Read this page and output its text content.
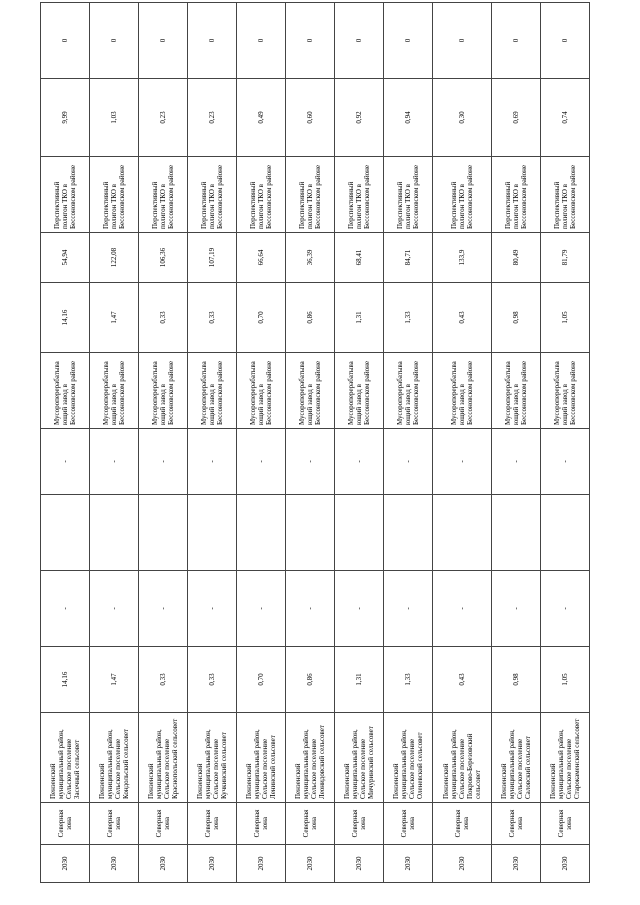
2030	Северная зона	Пензенский муниципальный район, Сельское поселение Засечный сельсовет	14,16	-		-	Мусороперерабатывающий завод в Бессоновском районе	14,16	54,94	Перспективный полигон ТКО в Бессоновском районе	9,99	0
2030	Северная зона	Пензенский муниципальный район, Сельское поселение Кондольский сельсовет	1,47	-		-	Мусороперерабатывающий завод в Бессоновском районе	1,47	122,08	Перспективный полигон ТКО в Бессоновском районе	1,03	0
2030	Северная зона	Пензенский муниципальный район, Сельское поселение Краснопольский сельсовет	0,33	-		-	Мусороперерабатывающий завод в Бессоновском районе	0,33	106,36	Перспективный полигон ТКО в Бессоновском районе	0,23	0
2030	Северная зона	Пензенский муниципальный район, Сельское поселение Кучкинский сельсовет	0,33	-		-	Мусороперерабатывающий завод в Бессоновском районе	0,33	107,19	Перспективный полигон ТКО в Бессоновском районе	0,23	0
2030	Северная зона	Пензенский муниципальный район, Сельское поселение Ленинский сельсовет	0,70	-		-	Мусороперерабатывающий завод в Бессоновском районе	0,70	66,64	Перспективный полигон ТКО в Бессоновском районе	0,49	0
2030	Северная зона	Пензенский муниципальный район, Сельское поселение Леонидовский сельсовет	0,86	-		-	Мусороперерабатывающий завод в Бессоновском районе	0,86	36,39	Перспективный полигон ТКО в Бессоновском районе	0,60	0
2030	Северная зона	Пензенский муниципальный район, Сельское поселение Мичуринский сельсовет	1,31	-		-	Мусороперерабатывающий завод в Бессоновском районе	1,31	68,41	Перспективный полигон ТКО в Бессоновском районе	0,92	0
2030	Северная зона	Пензенский муниципальный район, Сельское поселение Оленевский сельсовет	1,33	-		-	Мусороперерабатывающий завод в Бессоновском районе	1,33	84,71	Перспективный полигон ТКО в Бессоновском районе	0,94	0
2030	Северная зона	Пензенский муниципальный район, Сельское поселение Покрово-Березовский сельсовет	0,43	-		-	Мусороперерабатывающий завод в Бессоновском районе	0,43	133,9	Перспективный полигон ТКО в Бессоновском районе	0,30	0
2030	Северная зона	Пензенский муниципальный район, Сельское поселение Саловский сельсовет	0,98	-		-	Мусороперерабатывающий завод в Бессоновском районе	0,98	80,49	Перспективный полигон ТКО в Бессоновском районе	0,69	0
2030	Северная зона	Пензенский муниципальный район, Сельское поселение Старокаменский сельсовет	1,05	-		-	Мусороперерабатывающий завод в Бессоновском районе	1,05	81,79	Перспективный полигон ТКО в Бессоновском районе	0,74	0
